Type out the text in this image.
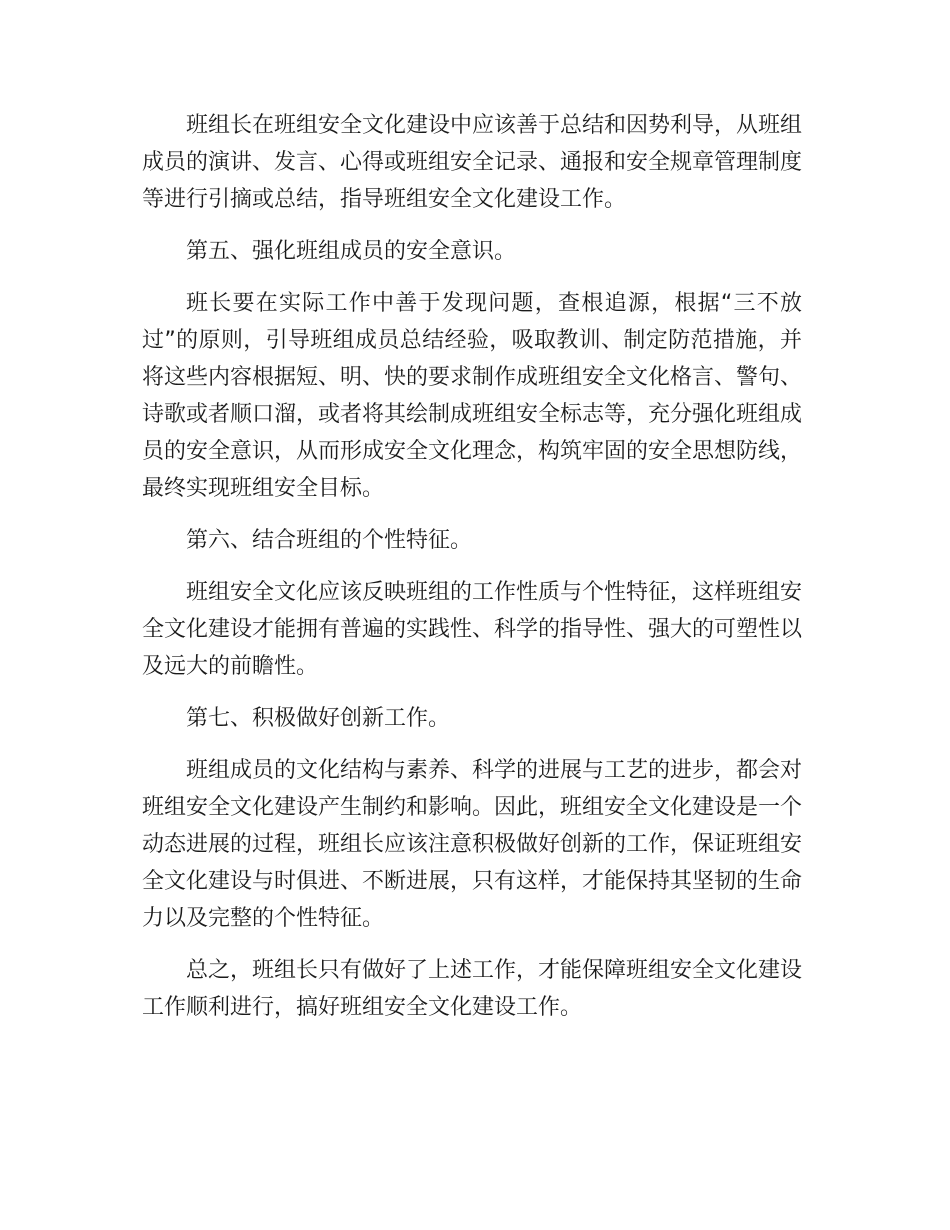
班组长在班组安全文化建设中应该善于总结和因势利导，从班组
成员的演讲、发言、心得或班组安全记录、通报和安全规章管理制度
等进行引摘或总结，指导班组安全文化建设工作。
第五、强化班组成员的安全意识。
班长要在实际工作中善于发现问题，查根追源，根据“三不放
过”的原则，引导班组成员总结经验，吸取教训、制定防范措施，并
将这些内容根据短、明、快的要求制作成班组安全文化格言、警句、
诗歌或者顺口溜，或者将其绘制成班组安全标志等，充分强化班组成
员的安全意识，从而形成安全文化理念，构筑牢固的安全思想防线，
最终实现班组安全目标。
第六、结合班组的个性特征。
班组安全文化应该反映班组的工作性质与个性特征，这样班组安
全文化建设才能拥有普遍的实践性、科学的指导性、强大的可塑性以
及远大的前瞻性。
第七、积极做好创新工作。
班组成员的文化结构与素养、科学的进展与工艺的进步，都会对
班组安全文化建设产生制约和影响。因此，班组安全文化建设是一个
动态进展的过程，班组长应该注意积极做好创新的工作，保证班组安
全文化建设与时俱进、不断进展，只有这样，才能保持其坚韧的生命
力以及完整的个性特征。
总之，班组长只有做好了上述工作，才能保障班组安全文化建设
工作顺利进行，搞好班组安全文化建设工作。
